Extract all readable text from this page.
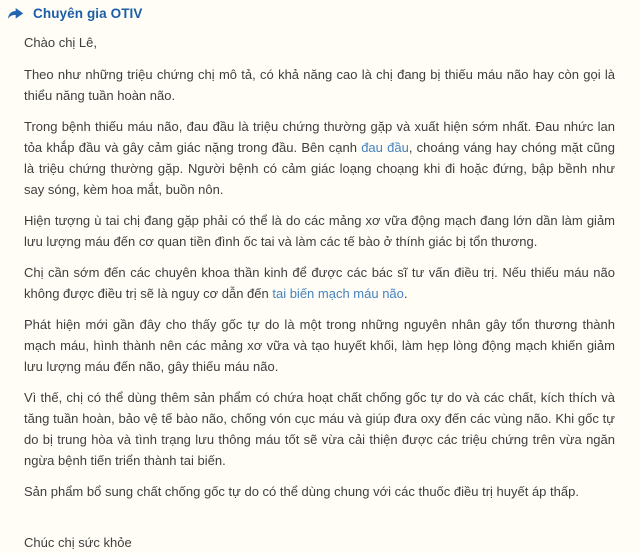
Chuyên gia OTIV

Chào chị Lê,

Theo như những triệu chứng chị mô tả, có khả năng cao là chị đang bị thiếu máu não hay còn gọi là thiểu năng tuần hoàn não.

Trong bệnh thiếu máu não, đau đầu là triệu chứng thường gặp và xuất hiện sớm nhất. Đau nhức lan tỏa khắp đầu và gây cảm giác nặng trong đầu. Bên cạnh đau đầu, choáng váng hay chóng mặt cũng là triệu chứng thường gặp. Người bệnh có cảm giác loạng choạng khi đi hoặc đứng, bập bềnh như say sóng, kèm hoa mắt, buồn nôn.

Hiện tượng ù tai chị đang gặp phải có thể là do các mảng xơ vữa động mạch đang lớn dần làm giảm lưu lượng máu đến cơ quan tiền đình ốc tai và làm các tế bào ở thính giác bị tổn thương.

Chị cần sớm đến các chuyên khoa thần kinh để được các bác sĩ tư vấn điều trị. Nếu thiếu máu não không được điều trị sẽ là nguy cơ dẫn đến tai biến mạch máu não.

Phát hiện mới gần đây cho thấy gốc tự do là một trong những nguyên nhân gây tổn thương thành mạch máu, hình thành nên các mảng xơ vữa và tạo huyết khối, làm hẹp lòng động mạch khiến giảm lưu lượng máu đến não, gây thiếu máu não.

Vì thế, chị có thể dùng thêm sản phẩm có chứa hoạt chất chống gốc tự do và các chất, kích thích và tăng tuần hoàn, bảo vệ tế bào não, chống vón cục máu và giúp đưa oxy đến các vùng não. Khi gốc tự do bị trung hòa và tình trạng lưu thông máu tốt sẽ vừa cải thiện được các triệu chứng trên vừa ngăn ngừa bệnh tiến triển thành tai biến.

Sản phẩm bổ sung chất chống gốc tự do có thể dùng chung với các thuốc điều trị huyết áp thấp.

Chúc chị sức khỏe
